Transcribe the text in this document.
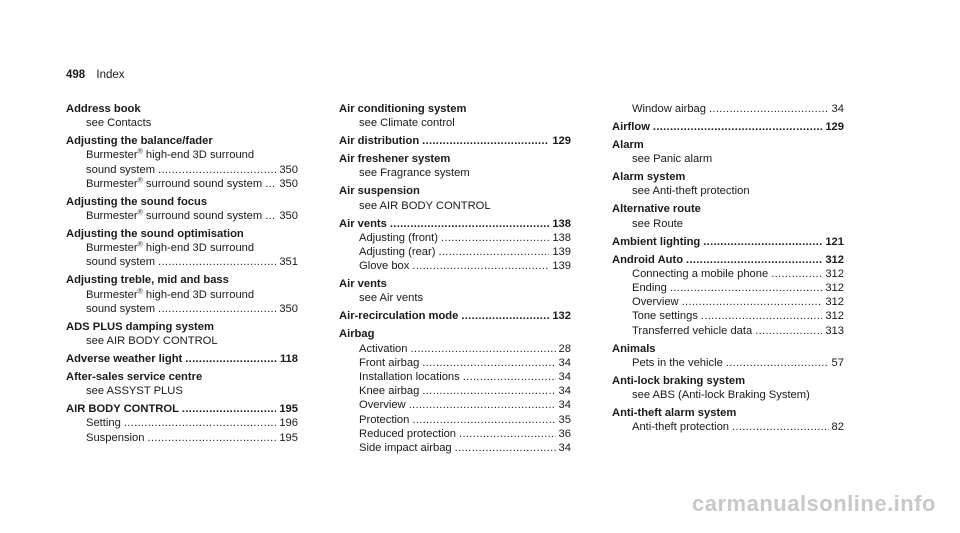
498 Index
Address book
see Contacts
Adjusting the balance/fader
Burmester® high-end 3D surround
sound system .....	350
Burmester® surround sound system ..... 350
Adjusting the sound focus
Burmester® surround sound system ..... 350
Adjusting the sound optimisation
Burmester® high-end 3D surround
sound system .....	351
Adjusting treble, mid and bass
Burmester® high-end 3D surround
sound system .....	350
ADS PLUS damping system
see AIR BODY CONTROL
Adverse weather light .....	118
After-sales service centre
see ASSYST PLUS
AIR BODY CONTROL .....	195
Setting .....	196
Suspension .....	195
Air conditioning system
see Climate control
Air distribution .....	129
Air freshener system
see Fragrance system
Air suspension
see AIR BODY CONTROL
Air vents .....	138
Adjusting (front) .....	138
Adjusting (rear) .....	139
Glove box .....	139
Air vents
see Air vents
Air-recirculation mode .....	132
Airbag
Activation .....	28
Front airbag .....	34
Installation locations .....	34
Knee airbag .....	34
Overview .....	34
Protection .....	35
Reduced protection .....	36
Side impact airbag .....	34
Window airbag .....	34
Airflow .....	129
Alarm
see Panic alarm
Alarm system
see Anti-theft protection
Alternative route
see Route
Ambient lighting .....	121
Android Auto .....	312
Connecting a mobile phone .....	312
Ending .....	312
Overview .....	312
Tone settings .....	312
Transferred vehicle data .....	313
Animals
Pets in the vehicle .....	57
Anti-lock braking system
see ABS (Anti-lock Braking System)
Anti-theft alarm system
Anti-theft protection .....	82
carmanualsonline.info
